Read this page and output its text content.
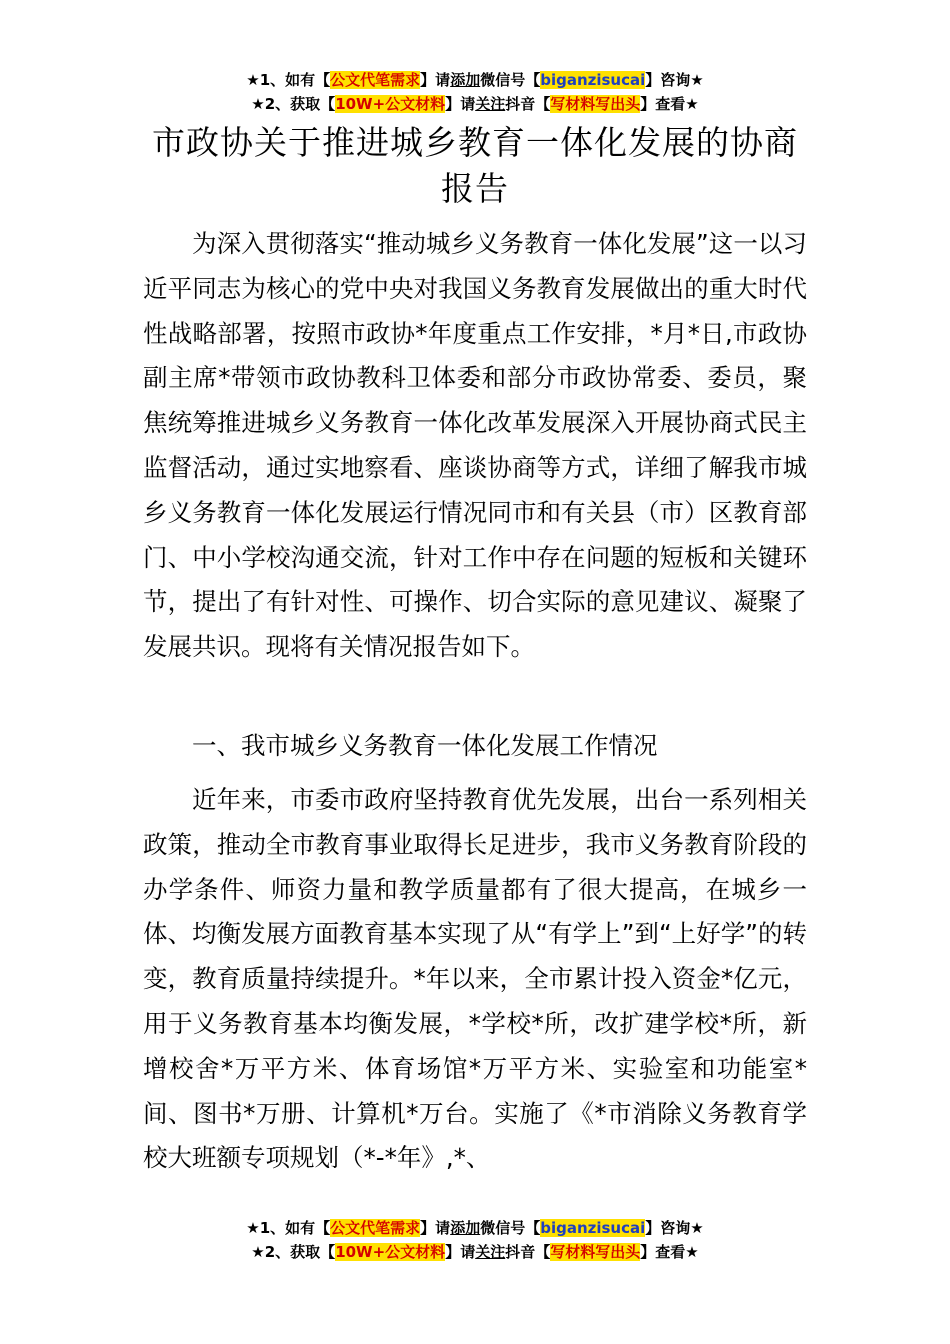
★1、如有【公文代笔需求】请添加微信号【biganzisucai】咨询★
★2、获取【10W+公文材料】请关注抖音【写材料写出头】查看★
市政协关于推进城乡教育一体化发展的协商报告

为深入贯彻落实“推动城乡义务教育一体化发展”这一以习近平同志为核心的党中央对我国义务教育发展做出的重大时代性战略部署，按照市政协*年度重点工作安排，*月*日,市政协副主席*带领市政协教科卫体委和部分市政协常委、委员，聚焦统筹推进城乡义务教育一体化改革发展深入开展协商式民主监督活动，通过实地察看、座谈协商等方式，详细了解我市城乡义务教育一体化发展运行情况同市和有关县（市）区教育部门、中小学校沟通交流，针对工作中存在问题的短板和关键环节，提出了有针对性、可操作、切合实际的意见建议、凝聚了发展共识。现将有关情况报告如下。

一、我市城乡义务教育一体化发展工作情况

近年来，市委市政府坚持教育优先发展，出台一系列相关政策，推动全市教育事业取得长足进步，我市义务教育阶段的办学条件、师资力量和教学质量都有了很大提高，在城乡一体、均衡发展方面教育基本实现了从“有学上”到“上好学”的转变，教育质量持续提升。*年以来，全市累计投入资金*亿元，用于义务教育基本均衡发展，*学校*所，改扩建学校*所，新增校舍*万平方米、体育场馆*万平方米、实验室和功能室*间、图书*万册、计算机*万台。实施了《*市消除义务教育学校大班额专项规划（*-*年》,*、

★1、如有【公文代笔需求】请添加微信号【biganzisucai】咨询★
★2、获取【10W+公文材料】请关注抖音【写材料写出头】查看★
